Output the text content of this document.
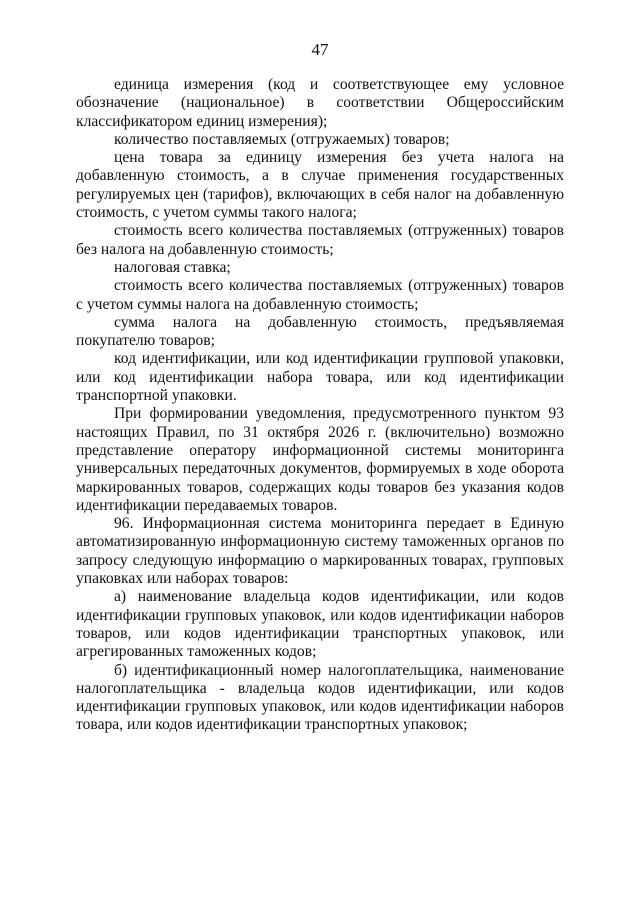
47

единица измерения (код и соответствующее ему условное обозначение (национальное) в соответствии Общероссийским классификатором единиц измерения);

количество поставляемых (отгружаемых) товаров;

цена товара за единицу измерения без учета налога на добавленную стоимость, а в случае применения государственных регулируемых цен (тарифов), включающих в себя налог на добавленную стоимость, с учетом суммы такого налога;

стоимость всего количества поставляемых (отгруженных) товаров без налога на добавленную стоимость;

налоговая ставка;

стоимость всего количества поставляемых (отгруженных) товаров с учетом суммы налога на добавленную стоимость;

сумма налога на добавленную стоимость, предъявляемая покупателю товаров;

код идентификации, или код идентификации групповой упаковки, или код идентификации набора товара, или код идентификации транспортной упаковки.

При формировании уведомления, предусмотренного пунктом 93 настоящих Правил, по 31 октября 2026 г. (включительно) возможно представление оператору информационной системы мониторинга универсальных передаточных документов, формируемых в ходе оборота маркированных товаров, содержащих коды товаров без указания кодов идентификации передаваемых товаров.

96. Информационная система мониторинга передает в Единую автоматизированную информационную систему таможенных органов по запросу следующую информацию о маркированных товарах, групповых упаковках или наборах товаров:

а) наименование владельца кодов идентификации, или кодов идентификации групповых упаковок, или кодов идентификации наборов товаров, или кодов идентификации транспортных упаковок, или агрегированных таможенных кодов;

б) идентификационный номер налогоплательщика, наименование налогоплательщика - владельца кодов идентификации, или кодов идентификации групповых упаковок, или кодов идентификации наборов товара, или кодов идентификации транспортных упаковок;
